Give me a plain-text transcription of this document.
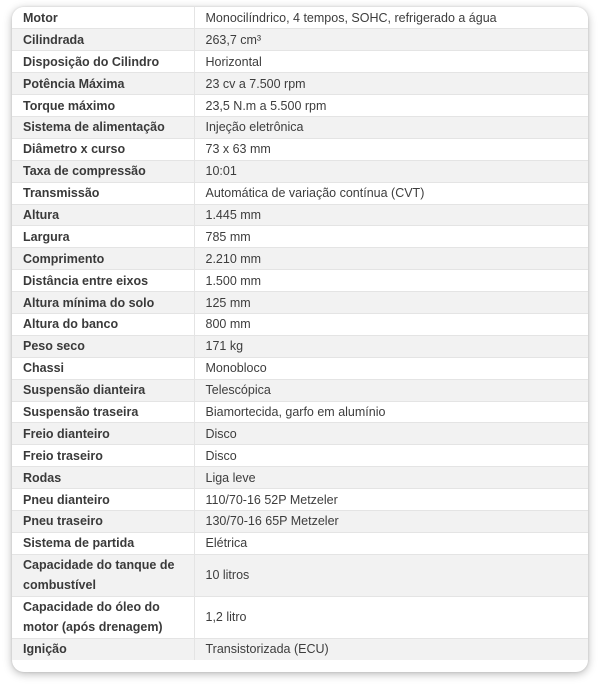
Motor	Monocilíndrico, 4 tempos, SOHC, refrigerado a água
Cilindrada	263,7 cm³
Disposição do Cilindro	Horizontal
Potência Máxima	23 cv a 7.500 rpm
Torque máximo	23,5 N.m a 5.500 rpm
Sistema de alimentação	Injeção eletrônica
Diâmetro x curso	73 x 63 mm
Taxa de compressão	10:01
Transmissão	Automática de variação contínua (CVT)
Altura	1.445 mm
Largura	785 mm
Comprimento	2.210 mm
Distância entre eixos	1.500 mm
Altura mínima do solo	125 mm
Altura do banco	800 mm
Peso seco	171 kg
Chassi	Monobloco
Suspensão dianteira	Telescópica
Suspensão traseira	Biamortecida, garfo em alumínio
Freio dianteiro	Disco
Freio traseiro	Disco
Rodas	Liga leve
Pneu dianteiro	110/70-16 52P Metzeler
Pneu traseiro	130/70-16 65P Metzeler
Sistema de partida	Elétrica
Capacidade do tanque de combustível	10 litros
Capacidade do óleo do motor (após drenagem)	1,2 litro
Ignição	Transistorizada (ECU)
